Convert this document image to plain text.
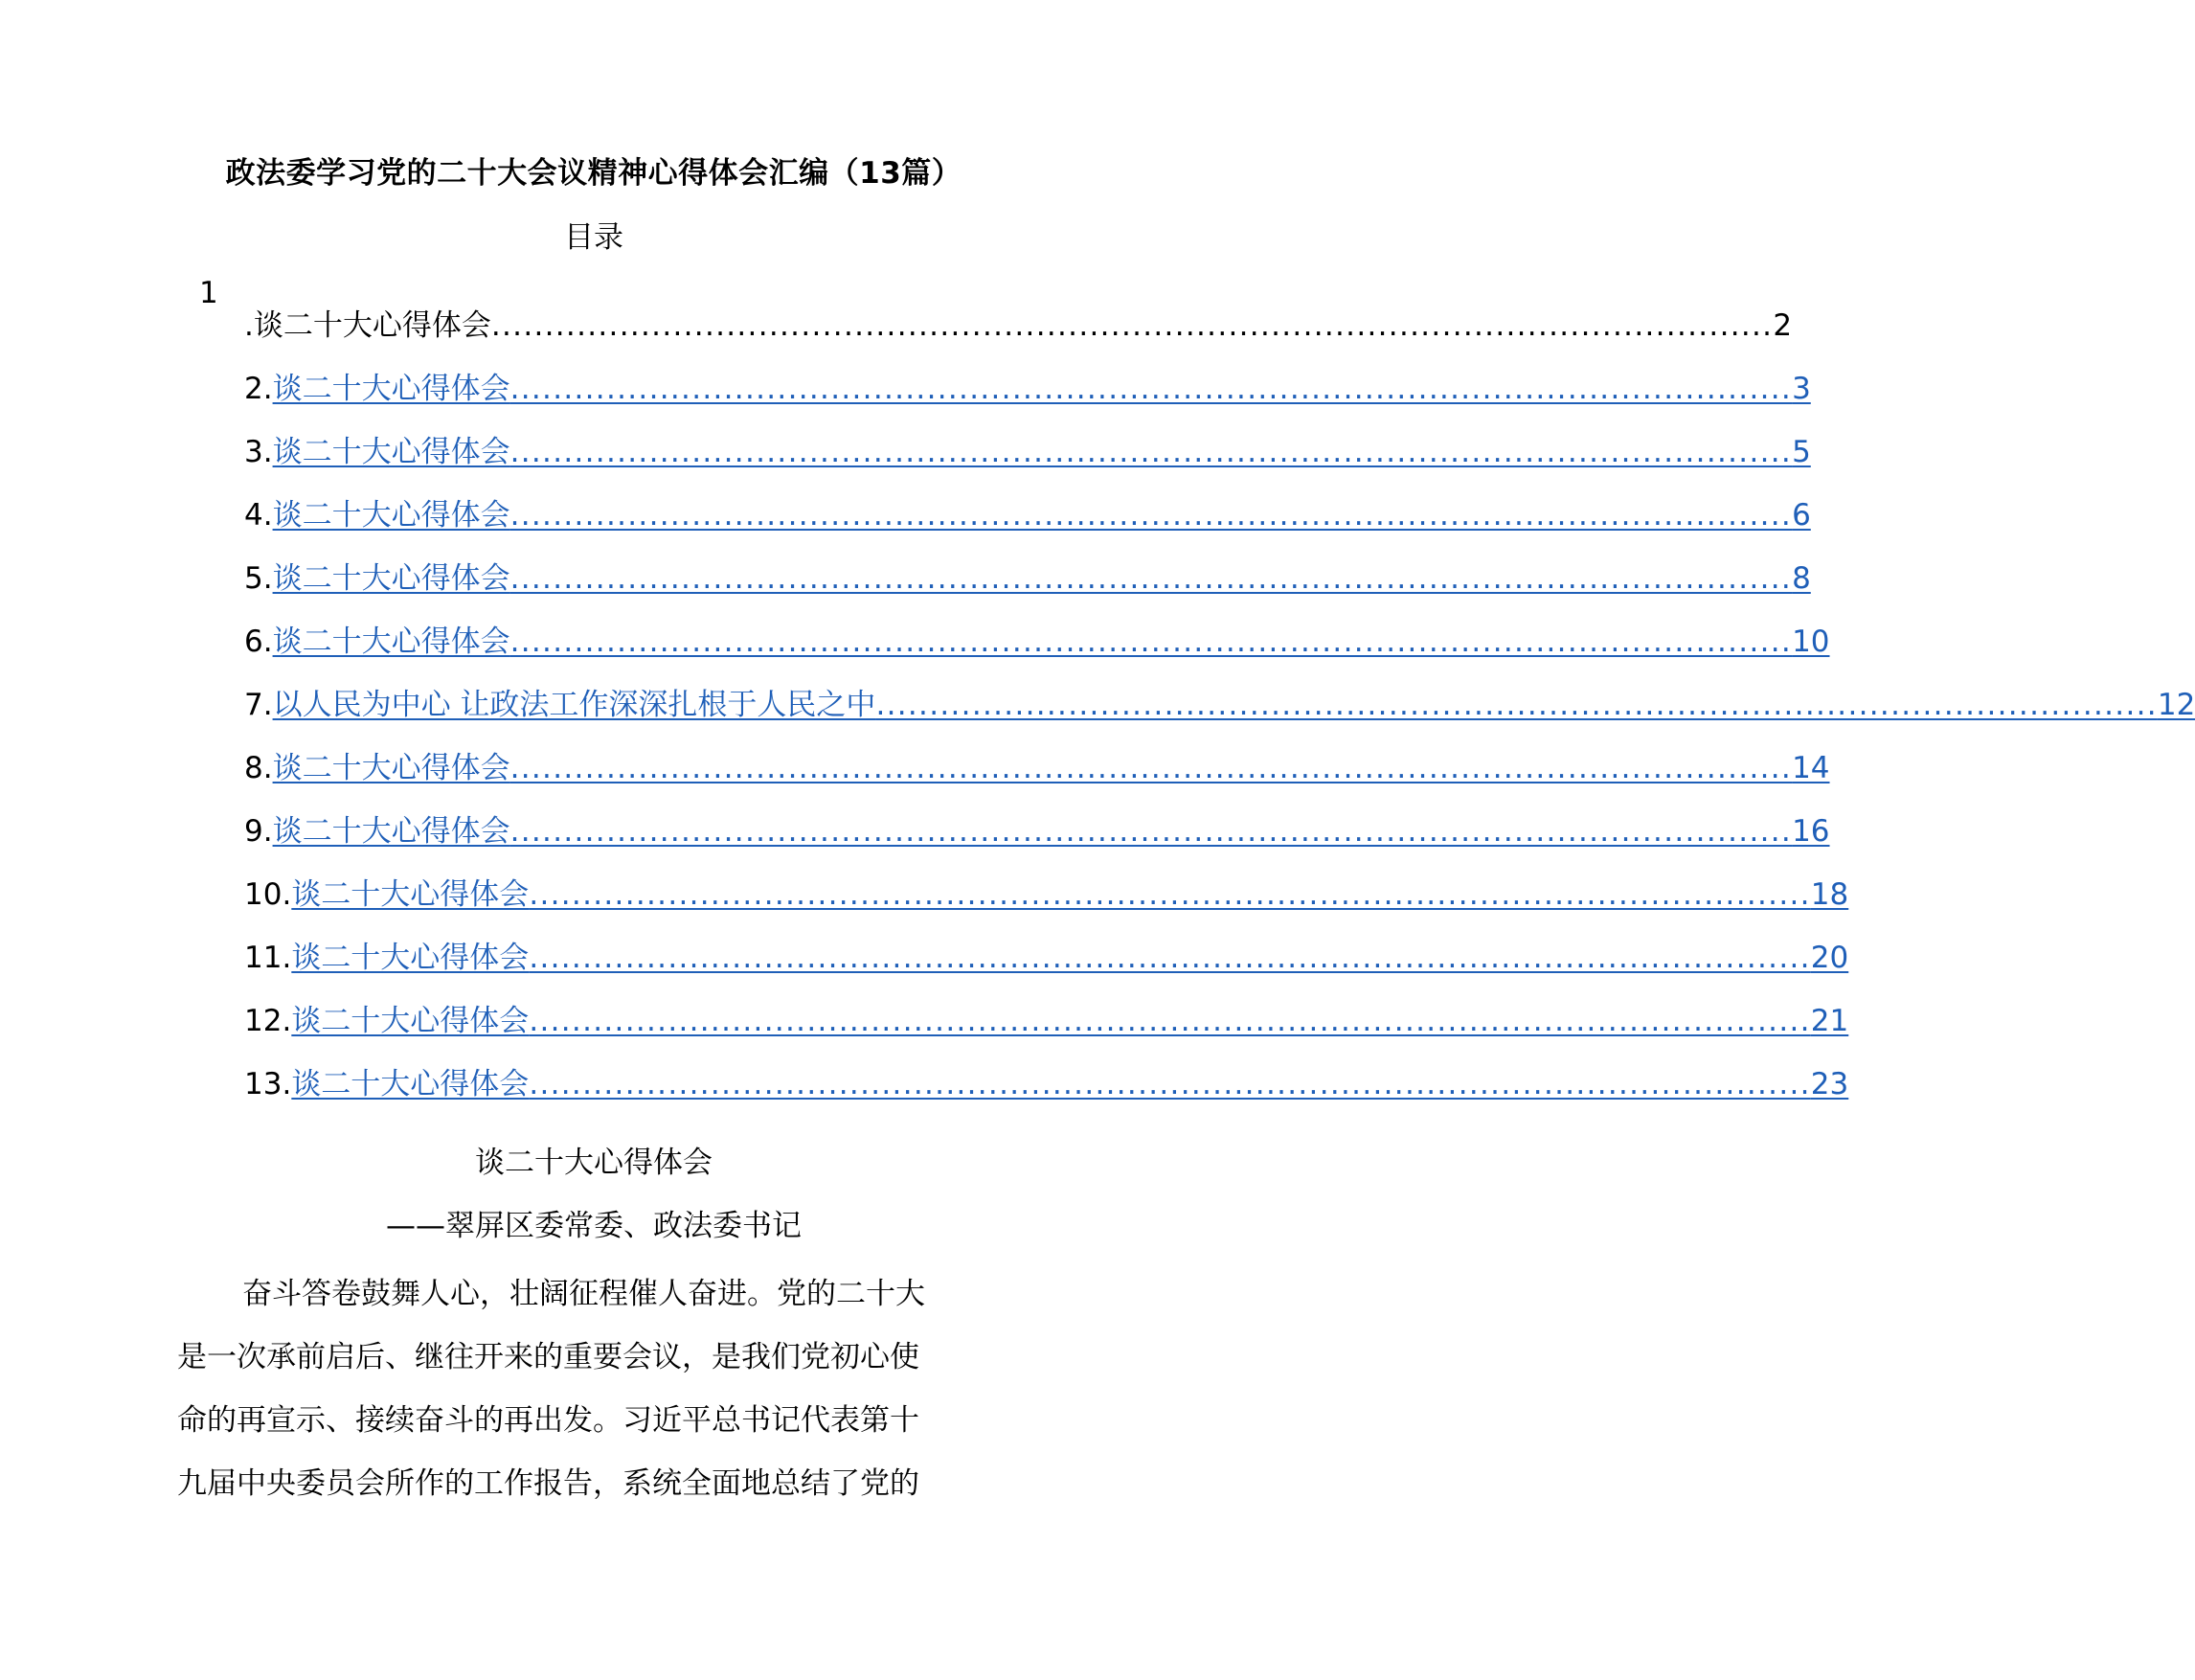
政法委学习党的二十大会议精神心得体会汇编（13篇）
目录
1
.谈二十大心得体会 ........................................................................................................................ 2
2. 谈二十大心得体会 ........................................................................................................................ 3
3. 谈二十大心得体会 ........................................................................................................................ 5
4. 谈二十大心得体会 ........................................................................................................................ 6
5. 谈二十大心得体会 ........................................................................................................................ 8
6. 谈二十大心得体会 ........................................................................................................................ 10
7. 以人民为中心 让政法工作深深扎根于人民之中 ........................................................................................................................ 12
8. 谈二十大心得体会 ........................................................................................................................ 14
9. 谈二十大心得体会 ........................................................................................................................ 16
10. 谈二十大心得体会 ........................................................................................................................ 18
11. 谈二十大心得体会 ........................................................................................................................ 20
12. 谈二十大心得体会 ........................................................................................................................ 21
13. 谈二十大心得体会 ........................................................................................................................ 23
谈二十大心得体会
——翠屏区委常委、政法委书记
奋斗答卷鼓舞人心，壮阔征程催人奋进。党的二十大
是一次承前启后、继往开来的重要会议，是我们党初心使
命的再宣示、接续奋斗的再出发。习近平总书记代表第十
九届中央委员会所作的工作报告，系统全面地总结了党的
